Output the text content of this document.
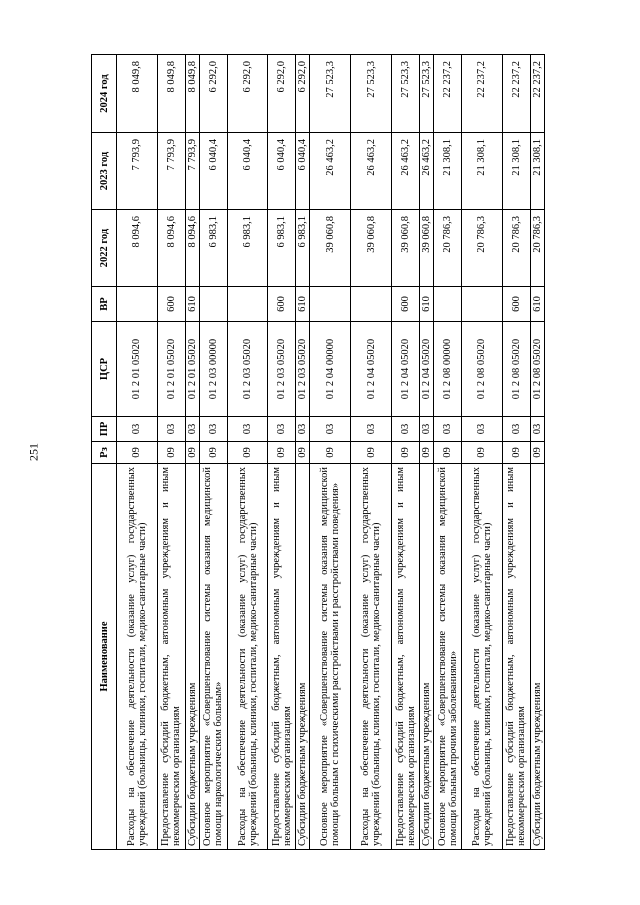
251
Наименование	Рз	ПР	ЦСР	ВР	2022 год	2023 год	2024 год
Расходы на обеспечение деятельности (оказание услуг) государственных учреждений (больницы, клиники, госпитали, медико-санитарные части)	09	03	01 2 01 05020		8 094,6	7 793,9	8 049,8
Предоставление субсидий бюджетным, автономным учреждениям и иным некоммерческим организациям	09	03	01 2 01 05020	600	8 094,6	7 793,9	8 049,8
Субсидии бюджетным учреждениям	09	03	01 2 01 05020	610	8 094,6	7 793,9	8 049,8
Основное мероприятие «Совершенствование системы оказания медицинской помощи наркологическим больным»	09	03	01 2 03 00000		6 983,1	6 040,4	6 292,0
Расходы на обеспечение деятельности (оказание услуг) государственных учреждений (больницы, клиники, госпитали, медико-санитарные части)	09	03	01 2 03 05020		6 983,1	6 040,4	6 292,0
Предоставление субсидий бюджетным, автономным учреждениям и иным некоммерческим организациям	09	03	01 2 03 05020	600	6 983,1	6 040,4	6 292,0
Субсидии бюджетным учреждениям	09	03	01 2 03 05020	610	6 983,1	6 040,4	6 292,0
Основное мероприятие «Совершенствование системы оказания медицинской помощи больным с психическими расстройствами и расстройствами поведения»	09	03	01 2 04 00000		39 060,8	26 463,2	27 523,3
Расходы на обеспечение деятельности (оказание услуг) государственных учреждений (больницы, клиники, госпитали, медико-санитарные части)	09	03	01 2 04 05020		39 060,8	26 463,2	27 523,3
Предоставление субсидий бюджетным, автономным учреждениям и иным некоммерческим организациям	09	03	01 2 04 05020	600	39 060,8	26 463,2	27 523,3
Субсидии бюджетным учреждениям	09	03	01 2 04 05020	610	39 060,8	26 463,2	27 523,3
Основное мероприятие «Совершенствование системы оказания медицинской помощи больным прочими заболеваниями»	09	03	01 2 08 00000		20 786,3	21 308,1	22 237,2
Расходы на обеспечение деятельности (оказание услуг) государственных учреждений (больницы, клиники, госпитали, медико-санитарные части)	09	03	01 2 08 05020		20 786,3	21 308,1	22 237,2
Предоставление субсидий бюджетным, автономным учреждениям и иным некоммерческим организациям	09	03	01 2 08 05020	600	20 786,3	21 308,1	22 237,2
Субсидии бюджетным учреждениям	09	03	01 2 08 05020	610	20 786,3	21 308,1	22 237,2
